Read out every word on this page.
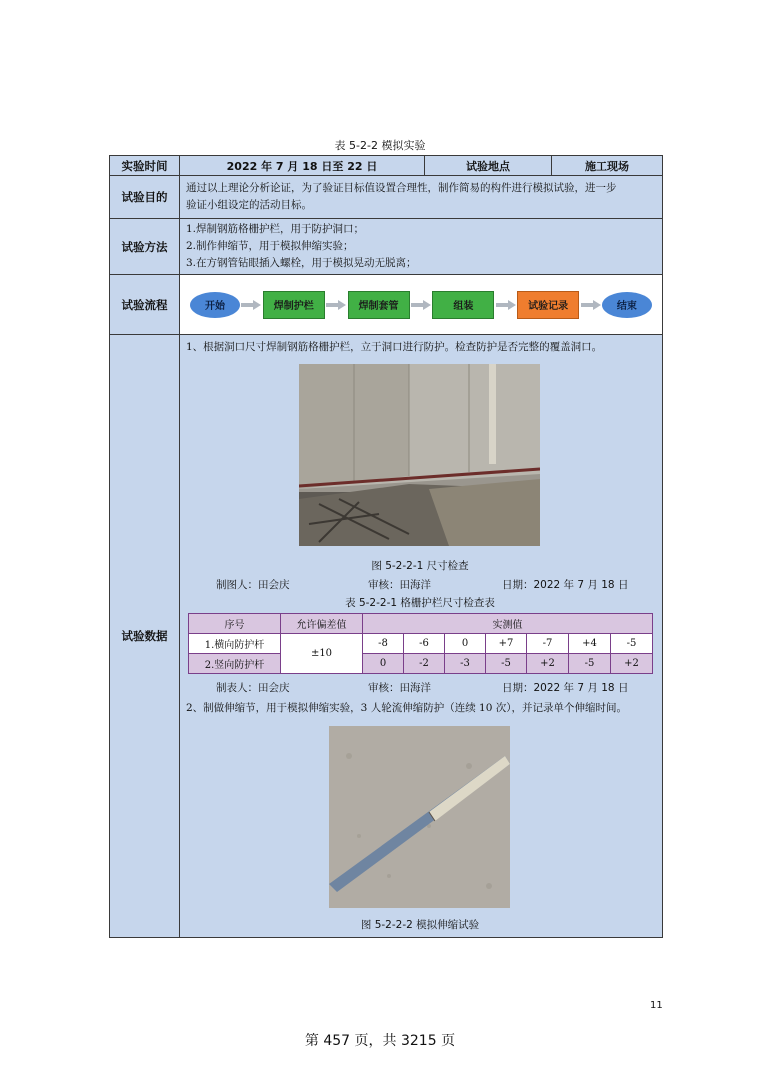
表 5-2-2 模拟实验
实验时间	2022 年 7 月 18 日至 22 日	试验地点	施工现场
试验目的	
通过以上理论分析论证，为了验证目标值设置合理性，制作简易的构件进行模拟试验，进一步
验证小组设定的活动目标。

试验方法	
1.焊制钢筋格栅护栏，用于防护洞口；
2.制作伸缩节，用于模拟伸缩实验；
3.在方钢管钻眼插入螺栓，用于模拟晃动无脱离；

试验流程	开始	焊制护栏	焊制套管	组装	试验记录	结束

试验数据	
1、根据洞口尺寸焊制钢筋格栅护栏，立于洞口进行防护。检查防护是否完整的覆盖洞口。
图 5-2-2-1 尺寸检查
制图人：田会庆	审核：田海洋	日期：2022 年 7 月 18 日
表 5-2-2-1 格栅护栏尺寸检查表
序号	允许偏差值	实测值
1.横向防护杆	±10	-8	-6	0	+7	-7	+4	-5
2.竖向防护杆	0	-2	-3	-5	+2	-5	+2
制表人：田会庆	审核：田海洋	日期：2022 年 7 月 18 日
2、制做伸缩节，用于模拟伸缩实验，3 人轮流伸缩防护（连续 10 次），并记录单个伸缩时间。
图 5-2-2-2 模拟伸缩试验
11
第 457 页，共 3215 页
